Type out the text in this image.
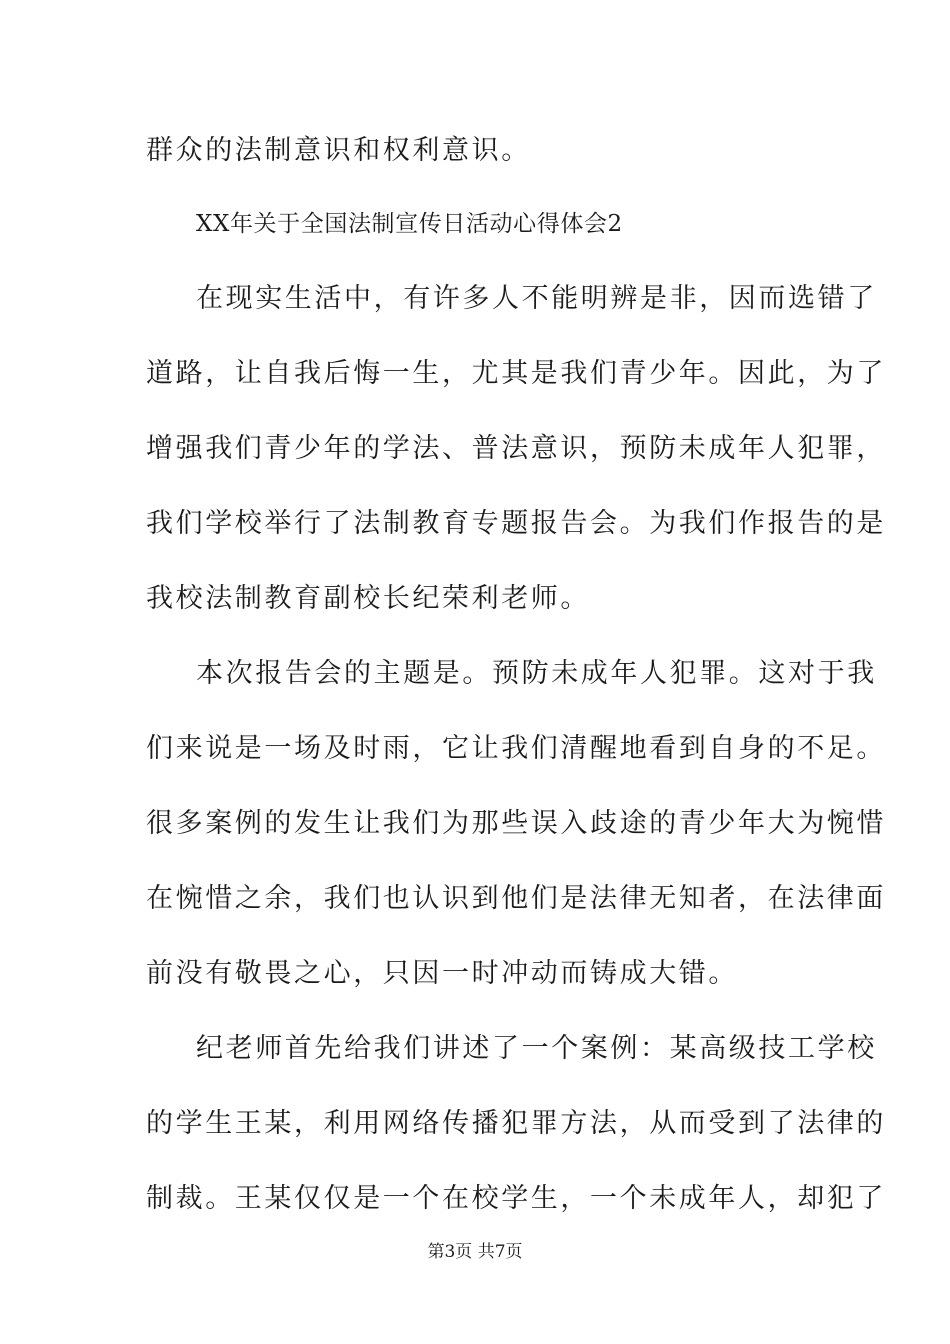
群众的法制意识和权利意识。
XX年关于全国法制宣传日活动心得体会2
在现实生活中，有许多人不能明辨是非，因而选错了
道路，让自我后悔一生，尤其是我们青少年。因此，为了
增强我们青少年的学法、普法意识，预防未成年人犯罪，
我们学校举行了法制教育专题报告会。为我们作报告的是
我校法制教育副校长纪荣利老师。
本次报告会的主题是。预防未成年人犯罪。这对于我
们来说是一场及时雨，它让我们清醒地看到自身的不足。
很多案例的发生让我们为那些误入歧途的青少年大为惋惜
在惋惜之余，我们也认识到他们是法律无知者，在法律面
前没有敬畏之心，只因一时冲动而铸成大错。
纪老师首先给我们讲述了一个案例：某高级技工学校
的学生王某，利用网络传播犯罪方法，从而受到了法律的
制裁。王某仅仅是一个在校学生，一个未成年人，却犯了
第3页 共7页
